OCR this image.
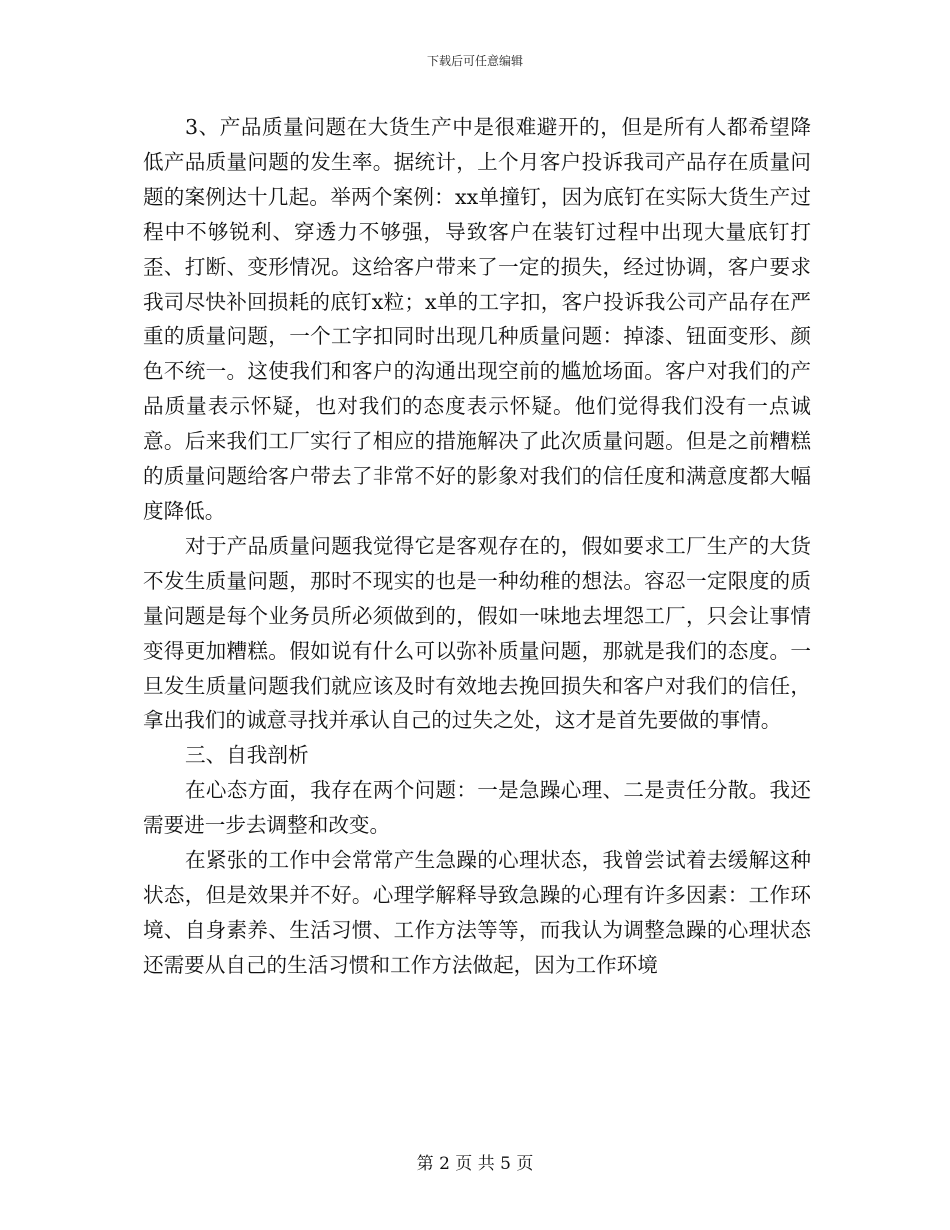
下载后可任意编辑

3、产品质量问题在大货生产中是很难避开的，但是所有人都希望降低产品质量问题的发生率。据统计，上个月客户投诉我司产品存在质量问题的案例达十几起。举两个案例：xx单撞钉，因为底钉在实际大货生产过程中不够锐利、穿透力不够强，导致客户在装钉过程中出现大量底钉打歪、打断、变形情况。这给客户带来了一定的损失，经过协调，客户要求我司尽快补回损耗的底钉x粒；x单的工字扣，客户投诉我公司产品存在严重的质量问题，一个工字扣同时出现几种质量问题：掉漆、钮面变形、颜色不统一。这使我们和客户的沟通出现空前的尴尬场面。客户对我们的产品质量表示怀疑，也对我们的态度表示怀疑。他们觉得我们没有一点诚意。后来我们工厂实行了相应的措施解决了此次质量问题。但是之前糟糕的质量问题给客户带去了非常不好的影象对我们的信任度和满意度都大幅度降低。

对于产品质量问题我觉得它是客观存在的，假如要求工厂生产的大货不发生质量问题，那时不现实的也是一种幼稚的想法。容忍一定限度的质量问题是每个业务员所必须做到的，假如一味地去埋怨工厂，只会让事情变得更加糟糕。假如说有什么可以弥补质量问题，那就是我们的态度。一旦发生质量问题我们就应该及时有效地去挽回损失和客户对我们的信任，拿出我们的诚意寻找并承认自己的过失之处，这才是首先要做的事情。

三、自我剖析

在心态方面，我存在两个问题：一是急躁心理、二是责任分散。我还需要进一步去调整和改变。

在紧张的工作中会常常产生急躁的心理状态，我曾尝试着去缓解这种状态，但是效果并不好。心理学解释导致急躁的心理有许多因素：工作环境、自身素养、生活习惯、工作方法等等，而我认为调整急躁的心理状态还需要从自己的生活习惯和工作方法做起，因为工作环境

第 2 页 共 5 页
